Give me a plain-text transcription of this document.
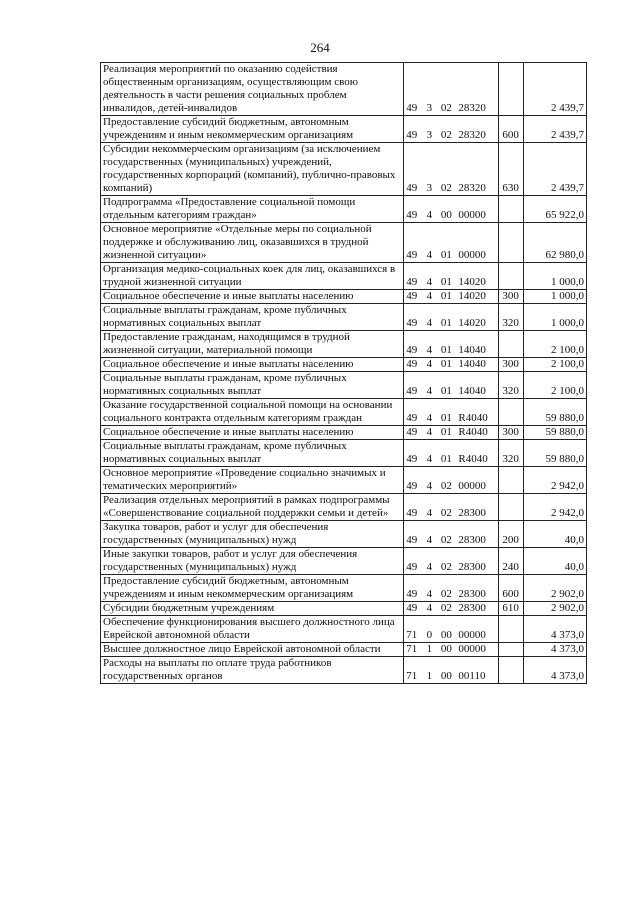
264
Реализация мероприятий по оказанию содействия общественным организациям, осуществляющим свою деятельность в части решения социальных проблем инвалидов, детей-инвалидов	49	3	02	28320		2 439,7
Предоставление субсидий бюджетным, автономным учреждениям и иным некоммерческим организациям	49	3	02	28320	600	2 439,7
Субсидии некоммерческим организациям (за исключением государственных (муниципальных) учреждений, государственных корпораций (компаний), публично-правовых компаний)	49	3	02	28320	630	2 439,7
Подпрограмма «Предоставление социальной помощи отдельным категориям граждан»	49	4	00	00000		65 922,0
Основное мероприятие «Отдельные меры по социальной поддержке и обслуживанию лиц, оказавшихся в трудной жизненной ситуации»	49	4	01	00000		62 980,0
Организация медико-социальных коек для лиц, оказавшихся в трудной жизненной ситуации	49	4	01	14020		1 000,0
Социальное обеспечение и иные выплаты населению	49	4	01	14020	300	1 000,0
Социальные выплаты гражданам, кроме публичных нормативных социальных выплат	49	4	01	14020	320	1 000,0
Предоставление гражданам, находящимся в трудной жизненной ситуации, материальной помощи	49	4	01	14040		2 100,0
Социальное обеспечение и иные выплаты населению	49	4	01	14040	300	2 100,0
Социальные выплаты гражданам, кроме публичных нормативных социальных выплат	49	4	01	14040	320	2 100,0
Оказание государственной социальной помощи на основании социального контракта отдельным категориям граждан	49	4	01	R4040		59 880,0
Социальное обеспечение и иные выплаты населению	49	4	01	R4040	300	59 880,0
Социальные выплаты гражданам, кроме публичных нормативных социальных выплат	49	4	01	R4040	320	59 880,0
Основное мероприятие «Проведение социально значимых и тематических мероприятий»	49	4	02	00000		2 942,0
Реализация отдельных мероприятий в рамках подпрограммы «Совершенствование социальной поддержки семьи и детей»	49	4	02	28300		2 942,0
Закупка товаров, работ и услуг для обеспечения государственных (муниципальных) нужд	49	4	02	28300	200	40,0
Иные закупки товаров, работ и услуг для обеспечения государственных (муниципальных) нужд	49	4	02	28300	240	40,0
Предоставление субсидий бюджетным, автономным учреждениям и иным некоммерческим организациям	49	4	02	28300	600	2 902,0
Субсидии бюджетным учреждениям	49	4	02	28300	610	2 902,0
Обеспечение функционирования высшего должностного лица Еврейской автономной области	71	0	00	00000		4 373,0
Высшее должностное лицо Еврейской автономной области	71	1	00	00000		4 373,0
Расходы на выплаты по оплате труда работников государственных органов	71	1	00	00110		4 373,0
